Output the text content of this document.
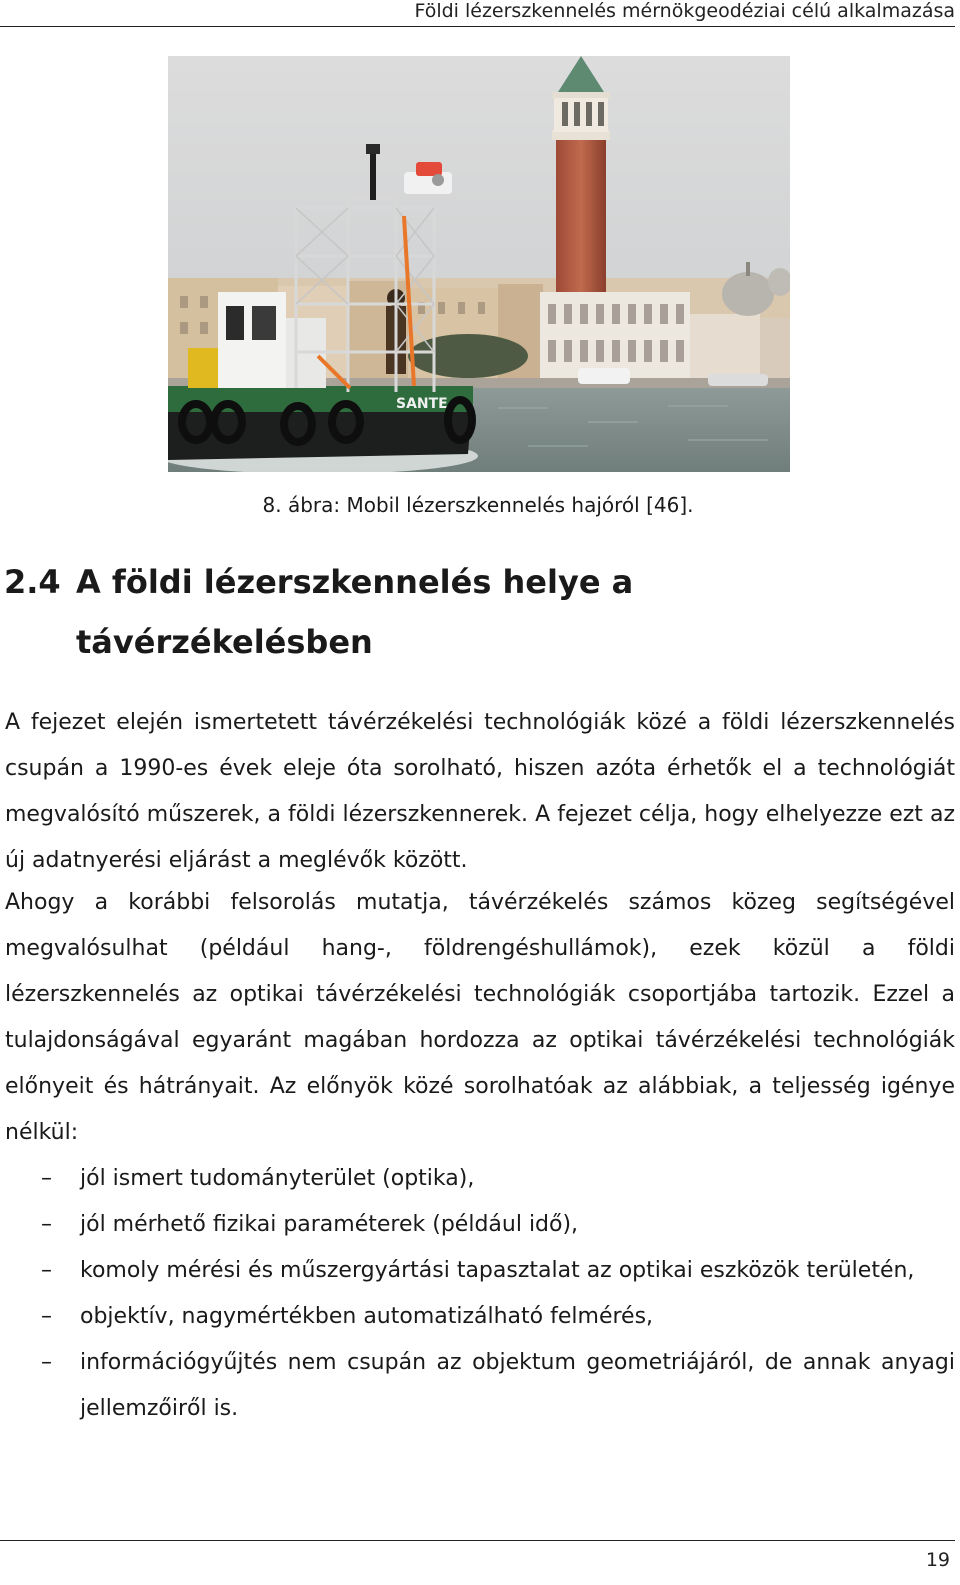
Földi lézerszkennelés mérnökgeodéziai célú alkalmazása
SANTE
8. ábra: Mobil lézerszkennelés hajóról [46].
2.4 A földi lézerszkennelés helye a
távérzékelésben

A fejezet elején ismertetett távérzékelési technológiák közé a földi lézerszkennelés csupán a 1990-es évek eleje óta sorolható, hiszen azóta érhetők el a technológiát megvalósító műszerek, a földi lézerszkennerek. A fejezet célja, hogy elhelyezze ezt az új adatnyerési eljárást a meglévők között.

Ahogy a korábbi felsorolás mutatja, távérzékelés számos közeg segítségével megvalósulhat (például hang-, földrengéshullámok), ezek közül a földi lézerszkennelés az optikai távérzékelési technológiák csoportjába tartozik. Ezzel a tulajdonságával egyaránt magában hordozza az optikai távérzékelési technológiák előnyeit és hátrányait. Az előnyök közé sorolhatóak az alábbiak, a teljesség igénye nélkül:

– jól ismert tudományterület (optika),
– jól mérhető fizikai paraméterek (például idő),
– komoly mérési és műszergyártási tapasztalat az optikai eszközök területén,
– objektív, nagymértékben automatizálható felmérés,
– információgyűjtés nem csupán az objektum geometriájáról, de annak anyagi jellemzőiről is.
19
